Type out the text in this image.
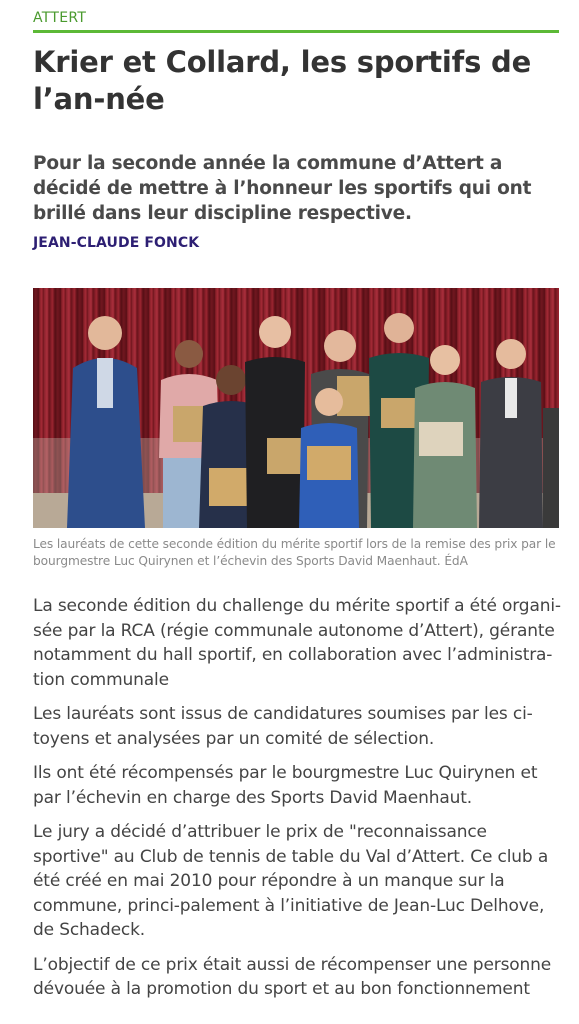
ATTERT
Krier et Collard, les sportifs de l’an-née

Pour la seconde année la commune d’Attert a décidé de mettre à l’honneur les sportifs qui ont brillé dans leur discipline respective.

JEAN-CLAUDE FONCK

Les lauréats de cette seconde édition du mérite sportif lors de la remise des prix par le bourgmestre Luc Quirynen et l’échevin des Sports David Maenhaut. ÉdA

La seconde édition du challenge du mérite sportif a été organi-sée par la RCA (régie communale autonome d’Attert), gérante notamment du hall sportif, en collaboration avec l’administra-tion communale

Les lauréats sont issus de candidatures soumises par les ci-toyens et analysées par un comité de sélection.

Ils ont été récompensés par le bourgmestre Luc Quirynen et par l’échevin en charge des Sports David Maenhaut.

Le jury a décidé d’attribuer le prix de "reconnaissance sportive" au Club de tennis de table du Val d’Attert. Ce club a été créé en mai 2010 pour répondre à un manque sur la commune, princi-palement à l’initiative de Jean-Luc Delhove, de Schadeck.

L’objectif de ce prix était aussi de récompenser une personne dévouée à la promotion du sport et au bon fonctionnement
